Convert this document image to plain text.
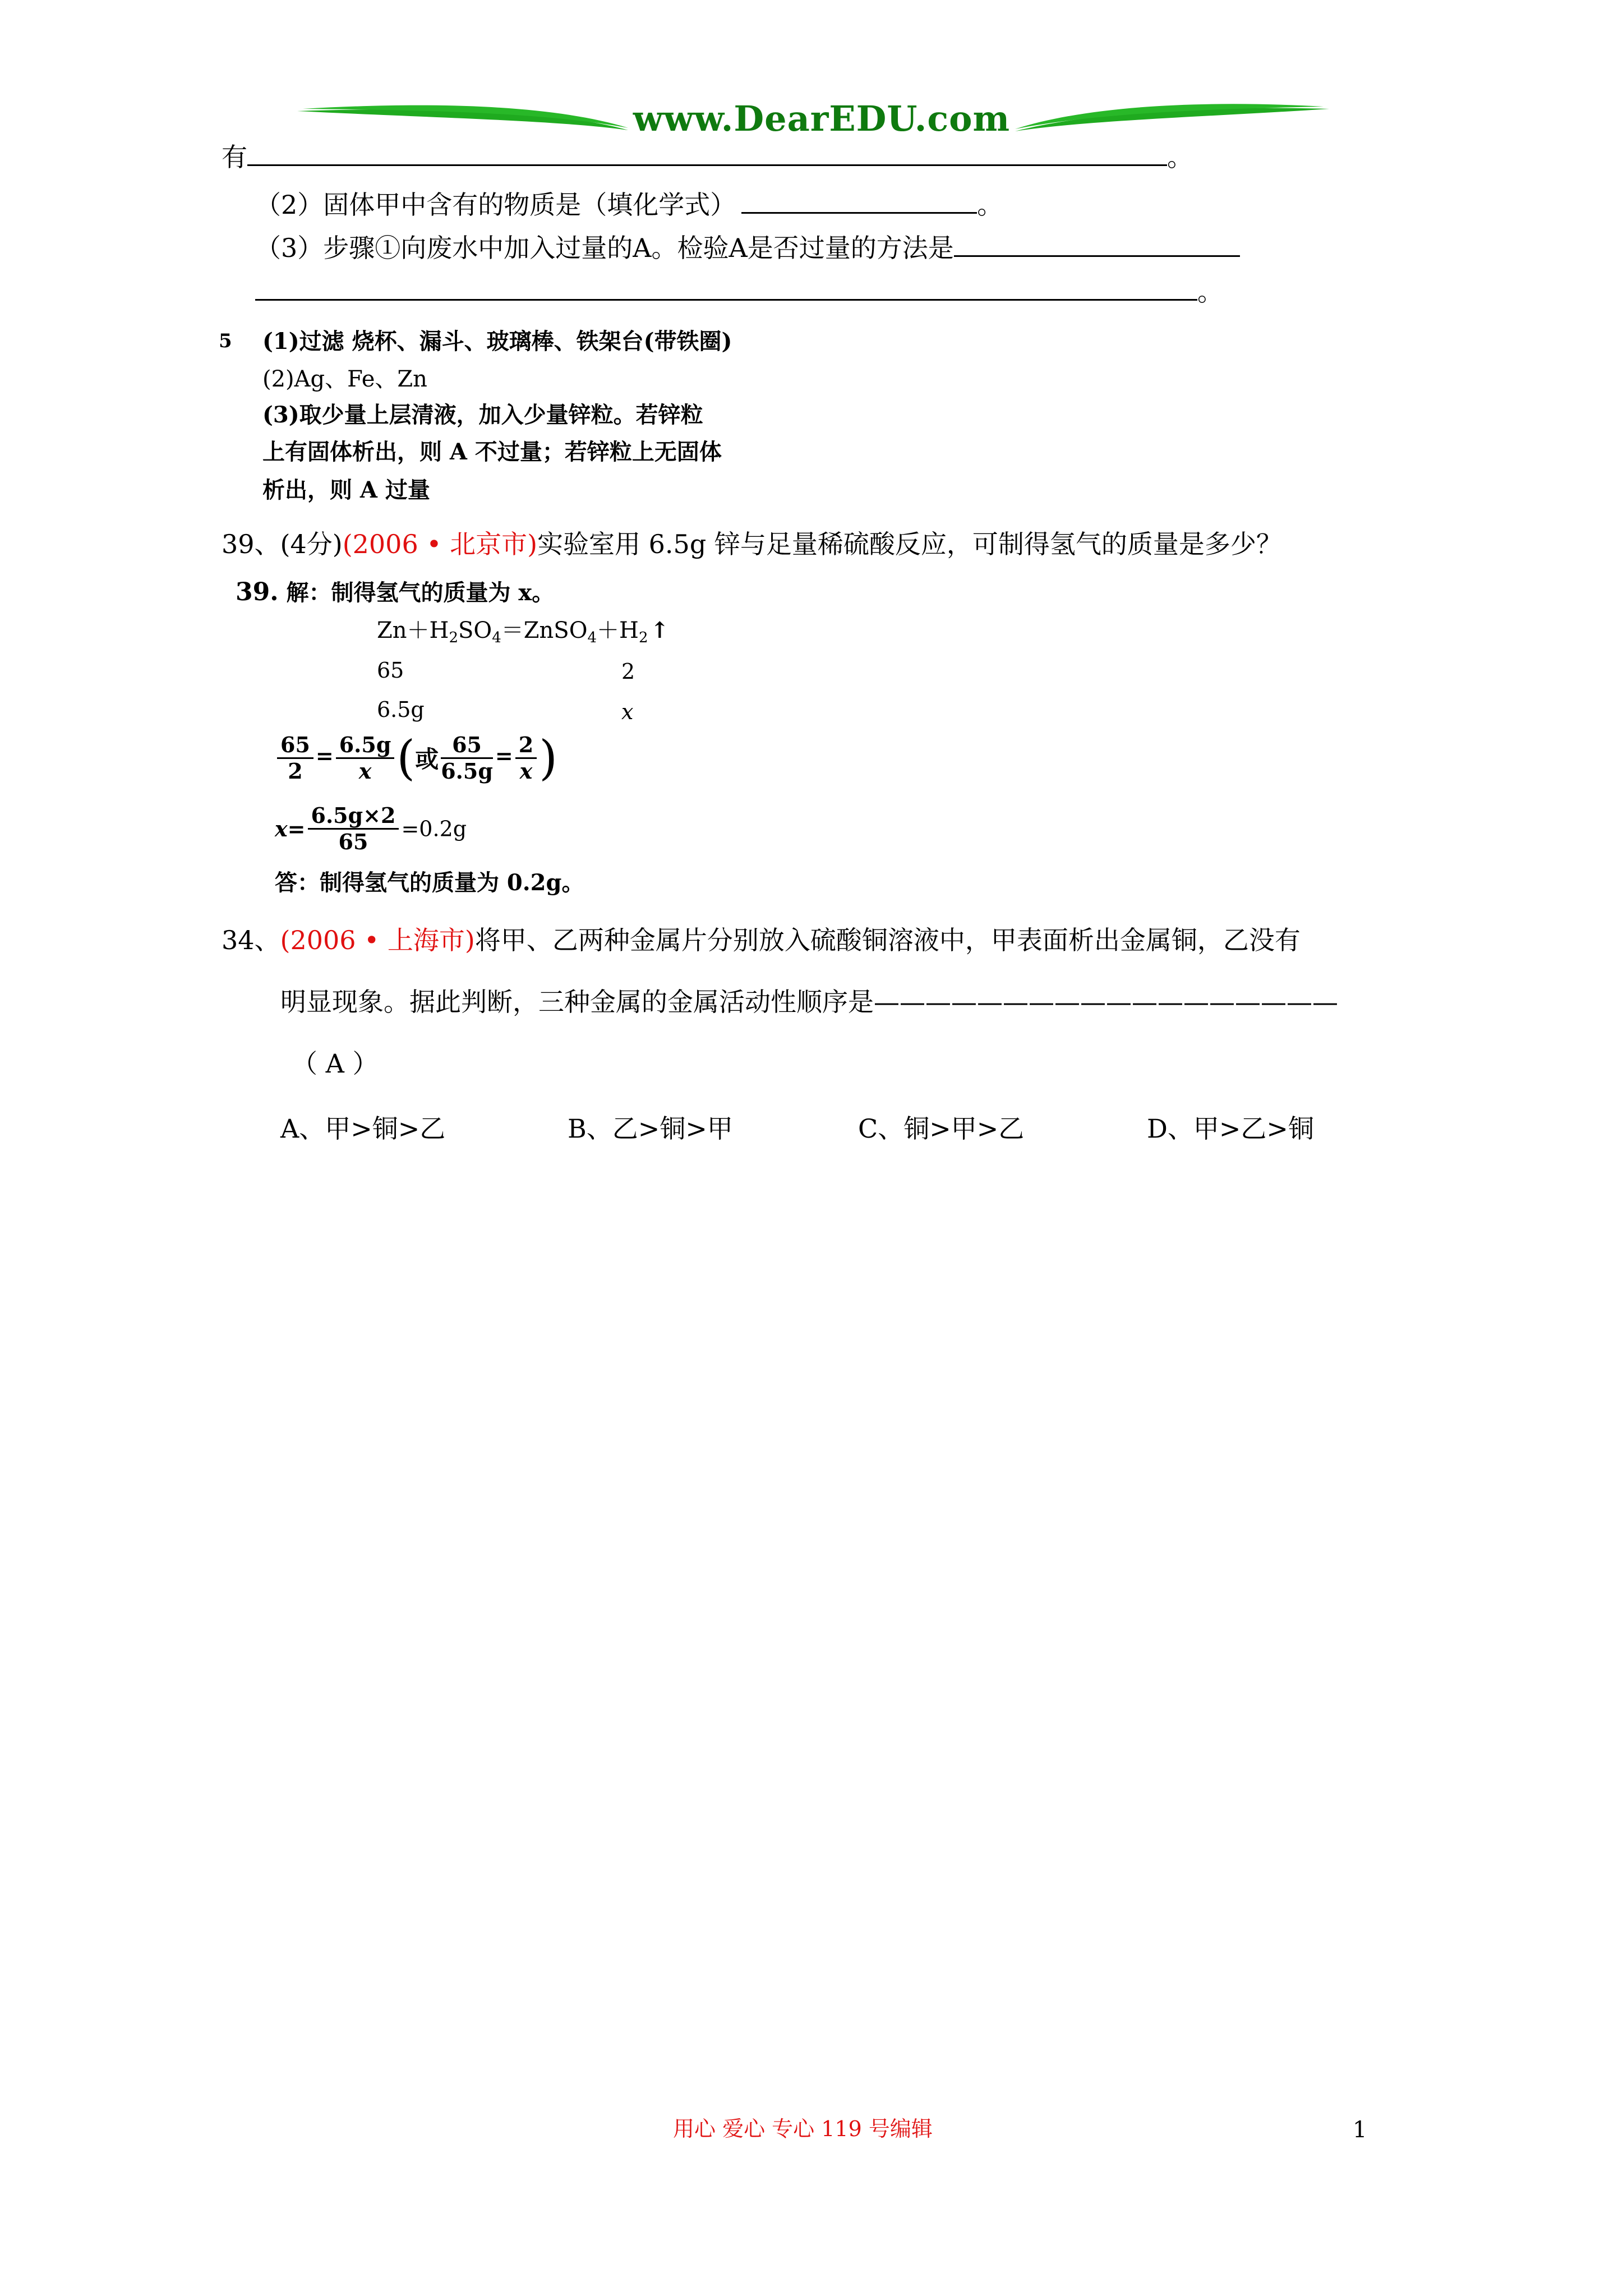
www.DearEDU.com
有	。
（2）固体甲中含有的物质是（填化学式）	。
（3）步骤①向废水中加入过量的A。检验A是否过量的方法是
。
5 (1)过滤 烧杯、漏斗、玻璃棒、铁架台(带铁圈)
(2)Ag、Fe、Zn
(3)取少量上层清液，加入少量锌粒。若锌粒
上有固体析出，则 A 不过量；若锌粒上无固体
析出，则 A 过量
39、(4分)(2006 • 北京市)实验室用 6.5g 锌与足量稀硫酸反应，可制得氢气的质量是多少？
39. 解：制得氢气的质量为 x。
$Zn+H_2SO_4=ZnSO_4+H_2$ ↑
65	2
6.5g	x
$\frac{65}{2} = \frac{6.5g}{x}$ (或 $\frac{65}{6.5g} = \frac{2}{x}$ )
$x= \frac{6.5g\times 2}{65} =0.2g$
答：制得氢气的质量为 0.2g。
34、(2006 • 上海市)将甲、乙两种金属片分别放入硫酸铜溶液中，甲表面析出金属铜，乙没有
明显现象。据此判断，三种金属的金属活动性顺序是——————————————————
（ A ）
A、甲>铜>乙	B、乙>铜>甲	C、铜>甲>乙	D、甲>乙>铜
用心 爱心 专心 119 号编辑	1
